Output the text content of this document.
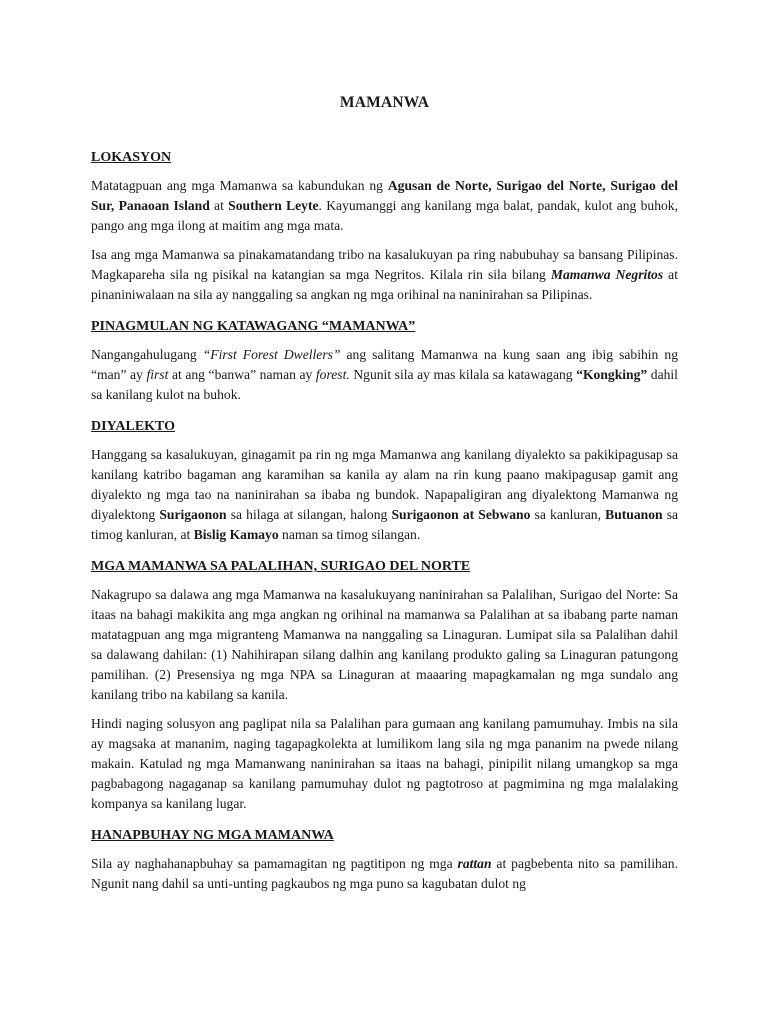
MAMANWA
LOKASYON

Matatagpuan ang mga Mamanwa sa kabundukan ng Agusan de Norte, Surigao del Norte, Surigao del Sur, Panaoan Island at Southern Leyte. Kayumanggi ang kanilang mga balat, pandak, kulot ang buhok, pango ang mga ilong at maitim ang mga mata.

Isa ang mga Mamanwa sa pinakamatandang tribo na kasalukuyan pa ring nabubuhay sa bansang Pilipinas. Magkapareha sila ng pisikal na katangian sa mga Negritos. Kilala rin sila bilang Mamanwa Negritos at pinaniniwalaan na sila ay nanggaling sa angkan ng mga orihinal na naninirahan sa Pilipinas.

PINAGMULAN NG KATAWAGANG “MAMANWA”

Nangangahulugang “First Forest Dwellers” ang salitang Mamanwa na kung saan ang ibig sabihin ng “man” ay first at ang “banwa” naman ay forest. Ngunit sila ay mas kilala sa katawagang “Kongking” dahil sa kanilang kulot na buhok.

DIYALEKTO

Hanggang sa kasalukuyan, ginagamit pa rin ng mga Mamanwa ang kanilang diyalekto sa pakikipagusap sa kanilang katribo bagaman ang karamihan sa kanila ay alam na rin kung paano makipagusap gamit ang diyalekto ng mga tao na naninirahan sa ibaba ng bundok. Napapaligiran ang diyalektong Mamanwa ng diyalektong Surigaonon sa hilaga at silangan, halong Surigaonon at Sebwano sa kanluran, Butuanon sa timog kanluran, at Bislig Kamayo naman sa timog silangan.

MGA MAMANWA SA PALALIHAN, SURIGAO DEL NORTE

Nakagrupo sa dalawa ang mga Mamanwa na kasalukuyang naninirahan sa Palalihan, Surigao del Norte: Sa itaas na bahagi makikita ang mga angkan ng orihinal na mamanwa sa Palalihan at sa ibabang parte naman matatagpuan ang mga migranteng Mamanwa na nanggaling sa Linaguran. Lumipat sila sa Palalihan dahil sa dalawang dahilan: (1) Nahihirapan silang dalhin ang kanilang produkto galing sa Linaguran patungong pamilihan. (2) Presensiya ng mga NPA sa Linaguran at maaaring mapagkamalan ng mga sundalo ang kanilang tribo na kabilang sa kanila.

Hindi naging solusyon ang paglipat nila sa Palalihan para gumaan ang kanilang pamumuhay. Imbis na sila ay magsaka at mananim, naging tagapagkolekta at lumilikom lang sila ng mga pananim na pwede nilang makain. Katulad ng mga Mamanwang naninirahan sa itaas na bahagi, pinipilit nilang umangkop sa mga pagbabagong nagaganap sa kanilang pamumuhay dulot ng pagtotroso at pagmimina ng mga malalaking kompanya sa kanilang lugar.

HANAPBUHAY NG MGA MAMANWA

Sila ay naghahanapbuhay sa pamamagitan ng pagtitipon ng mga rattan at pagbebenta nito sa pamilihan. Ngunit nang dahil sa unti-unting pagkaubos ng mga puno sa kagubatan dulot ng
